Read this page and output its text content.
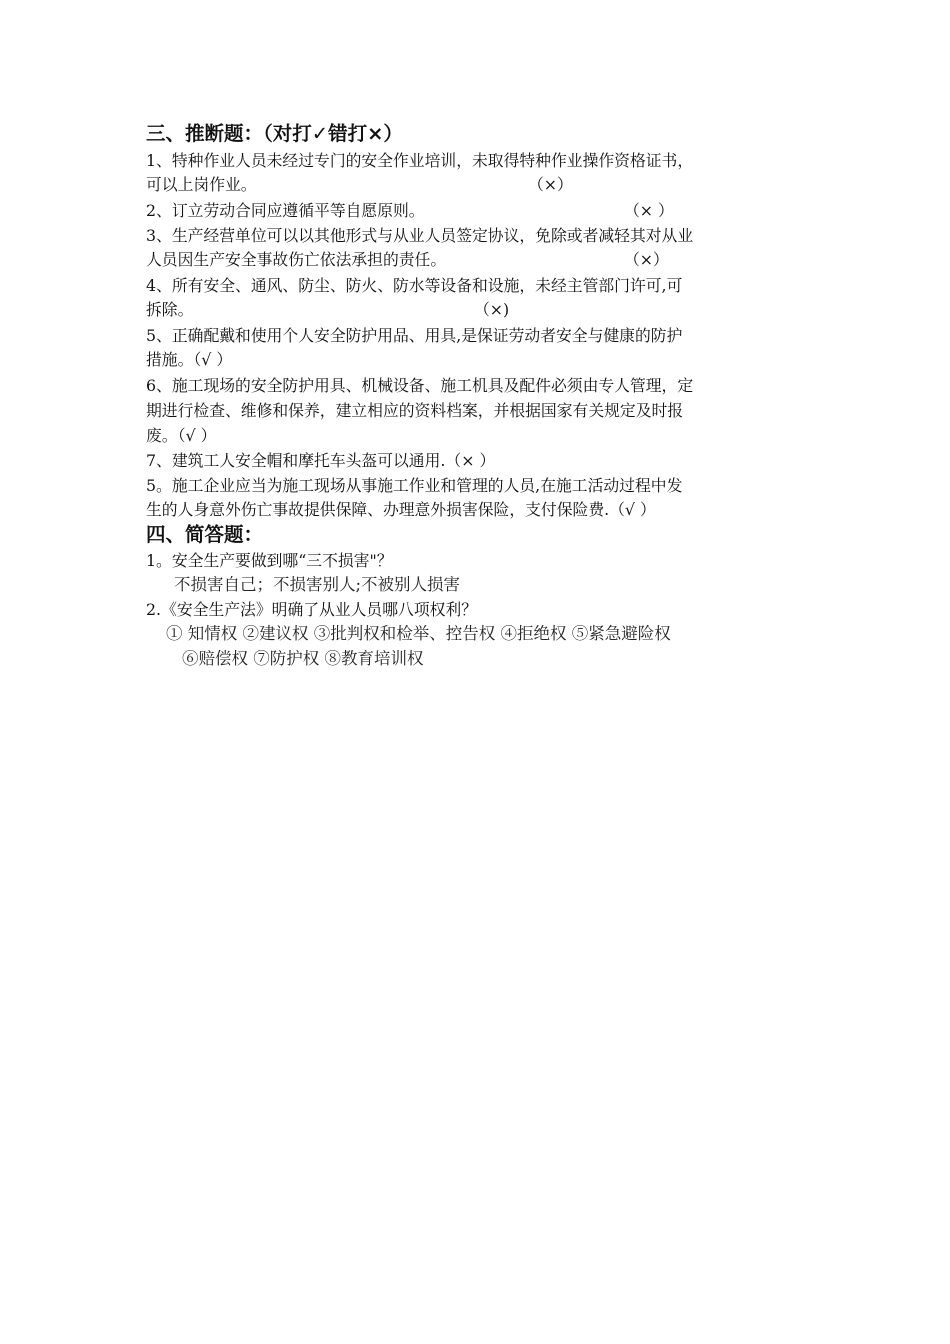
三、推断题：（对打✓错打×）
1、特种作业人员未经过专门的安全作业培训，未取得特种作业操作资格证书，
可以上岗作业。	（×）
2、订立劳动合同应遵循平等自愿原则。	（× ）
3、生产经营单位可以以其他形式与从业人员签定协议，免除或者减轻其对从业
人员因生产安全事故伤亡依法承担的责任。	（×）
4、所有安全、通风、防尘、防火、防水等设备和设施，未经主管部门许可,可
拆除。	（×)
5、正确配戴和使用个人安全防护用品、用具,是保证劳动者安全与健康的防护
措施。（√ ）
6、施工现场的安全防护用具、机械设备、施工机具及配件必须由专人管理，定
期进行检查、维修和保养，建立相应的资料档案，并根据国家有关规定及时报
废。（√ ）
7、建筑工人安全帽和摩托车头盔可以通用.（× ）
5。施工企业应当为施工现场从事施工作业和管理的人员,在施工活动过程中发
生的人身意外伤亡事故提供保障、办理意外损害保险，支付保险费.（√ ）
四、简答题：
1。安全生产要做到哪“三不损害"？
不损害自己；不损害别人;不被别人损害
2.《安全生产法》明确了从业人员哪八项权利？
① 知情权 ②建议权 ③批判权和检举、控告权 ④拒绝权 ⑤紧急避险权
⑥赔偿权 ⑦防护权 ⑧教育培训权
